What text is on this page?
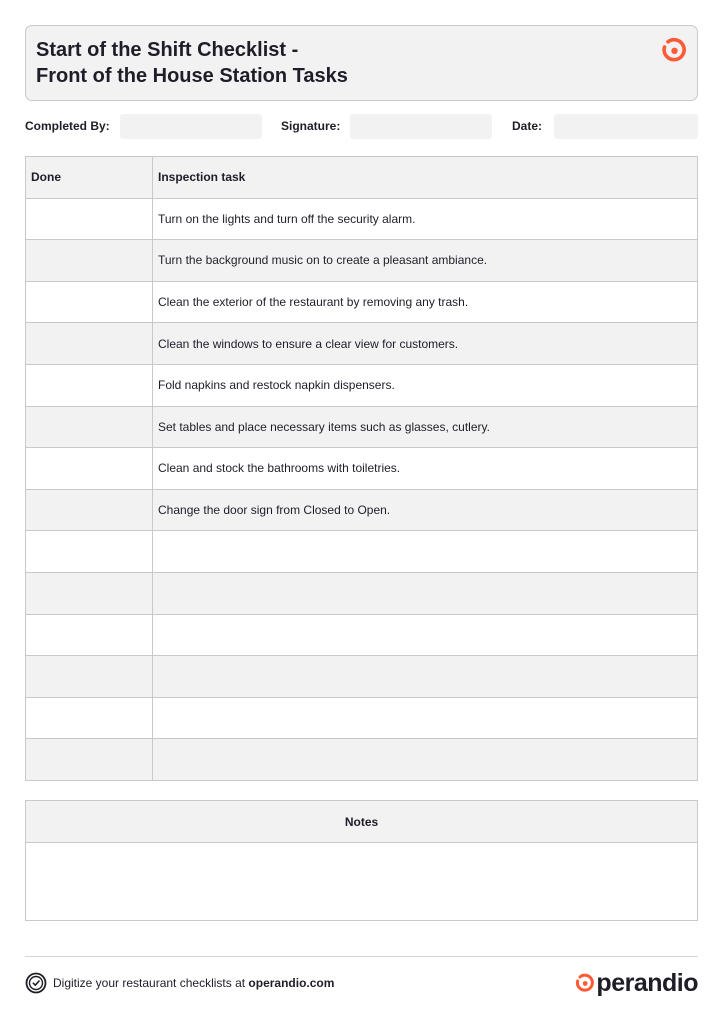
Start of the Shift Checklist -
Front of the House Station Tasks
Completed By:	Signature:	Date:
Done	Inspection task
	Turn on the lights and turn off the security alarm.
	Turn the background music on to create a pleasant ambiance.
	Clean the exterior of the restaurant by removing any trash.
	Clean the windows to ensure a clear view for customers.
	Fold napkins and restock napkin dispensers.
	Set tables and place necessary items such as glasses, cutlery.
	Clean and stock the bathrooms with toiletries.
	Change the door sign from Closed to Open.

Notes
Digitize your restaurant checklists at operandio.com	perandio
